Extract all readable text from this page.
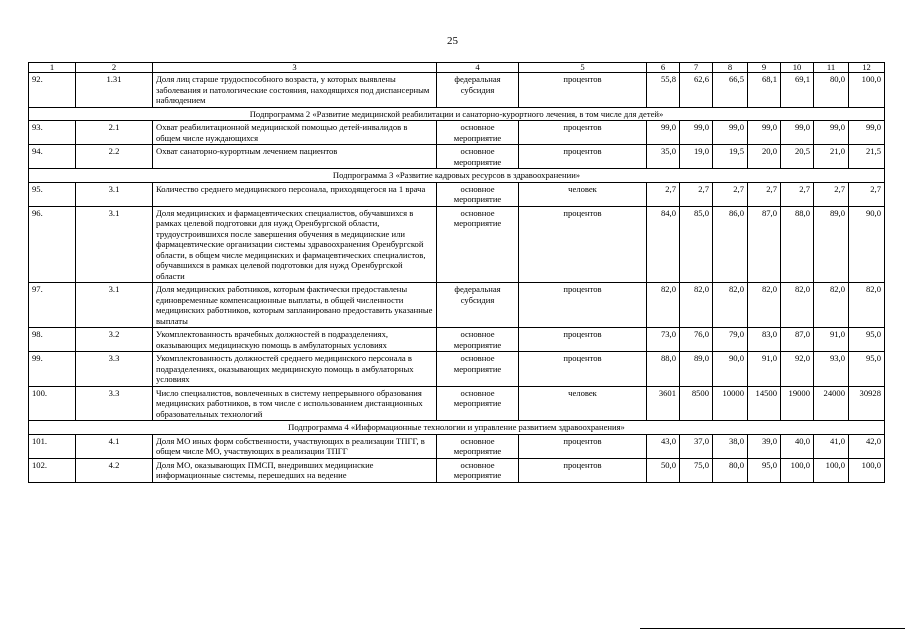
25
1	2	3	4	5	6	7	8	9	10	11	12
92.	1.31	Доля лиц старше трудоспособного возраста, у которых выявлены заболевания и патологические состояния, находящихся под диспансерным наблюдением	федеральная субсидия	процентов	55,8	62,6	66,5	68,1	69,1	80,0	100,0
Подпрограмма 2 «Развитие медицинской реабилитации и санаторно-курортного лечения, в том числе для детей»											
93.	2.1	Охват реабилитационной медицинской помощью детей-инвалидов в общем числе нуждающихся	основное мероприятие	процентов	99,0	99,0	99,0	99,0	99,0	99,0	99,0
94.	2.2	Охват санаторно-курортным лечением пациентов	основное мероприятие	процентов	35,0	19,0	19,5	20,0	20,5	21,0	21,5
Подпрограмма 3 «Развитие кадровых ресурсов в здравоохранении»											
95.	3.1	Количество среднего медицинского персонала, приходящегося на 1 врача	основное мероприятие	человек	2,7	2,7	2,7	2,7	2,7	2,7	2,7
96.	3.1	Доля медицинских и фармацевтических специалистов, обучавшихся в рамках целевой подготовки для нужд Оренбургской области, трудоустроившихся после завершения обучения в медицинские или фармацевтические организации системы здравоохранения Оренбургской области, в общем числе медицинских и фармацевтических специалистов, обучавшихся в рамках целевой подготовки для нужд Оренбургской области	основное мероприятие	процентов	84,0	85,0	86,0	87,0	88,0	89,0	90,0
97.	3.1	Доля медицинских работников, которым фактически предоставлены единовременные компенсационные выплаты, в общей численности медицинских работников, которым запланировано предоставить указанные выплаты	федеральная субсидия	процентов	82,0	82,0	82,0	82,0	82,0	82,0	82,0
98.	3.2	Укомплектованность врачебных должностей в подразделениях, оказывающих медицинскую помощь в амбулаторных условиях	основное мероприятие	процентов	73,0	76,0	79,0	83,0	87,0	91,0	95,0
99.	3.3	Укомплектованность должностей среднего медицинского персонала в подразделениях, оказывающих медицинскую помощь в амбулаторных условиях	основное мероприятие	процентов	88,0	89,0	90,0	91,0	92,0	93,0	95,0
100.	3.3	Число специалистов, вовлеченных в систему непрерывного образования медицинских работников, в том числе с использованием дистанционных образовательных технологий	основное мероприятие	человек	3601	8500	10000	14500	19000	24000	30928
Подпрограмма 4 «Информационные технологии и управление развитием здравоохранения»											
101.	4.1	Доля МО иных форм собственности, участвующих в реализации ТПГГ, в общем числе МО, участвующих в реализации ТПГГ	основное мероприятие	процентов	43,0	37,0	38,0	39,0	40,0	41,0	42,0
102.	4.2	Доля МО, оказывающих ПМСП, внедривших медицинские информационные системы, перешедших на ведение	основное мероприятие	процентов	50,0	75,0	80,0	95,0	100,0	100,0	100,0
